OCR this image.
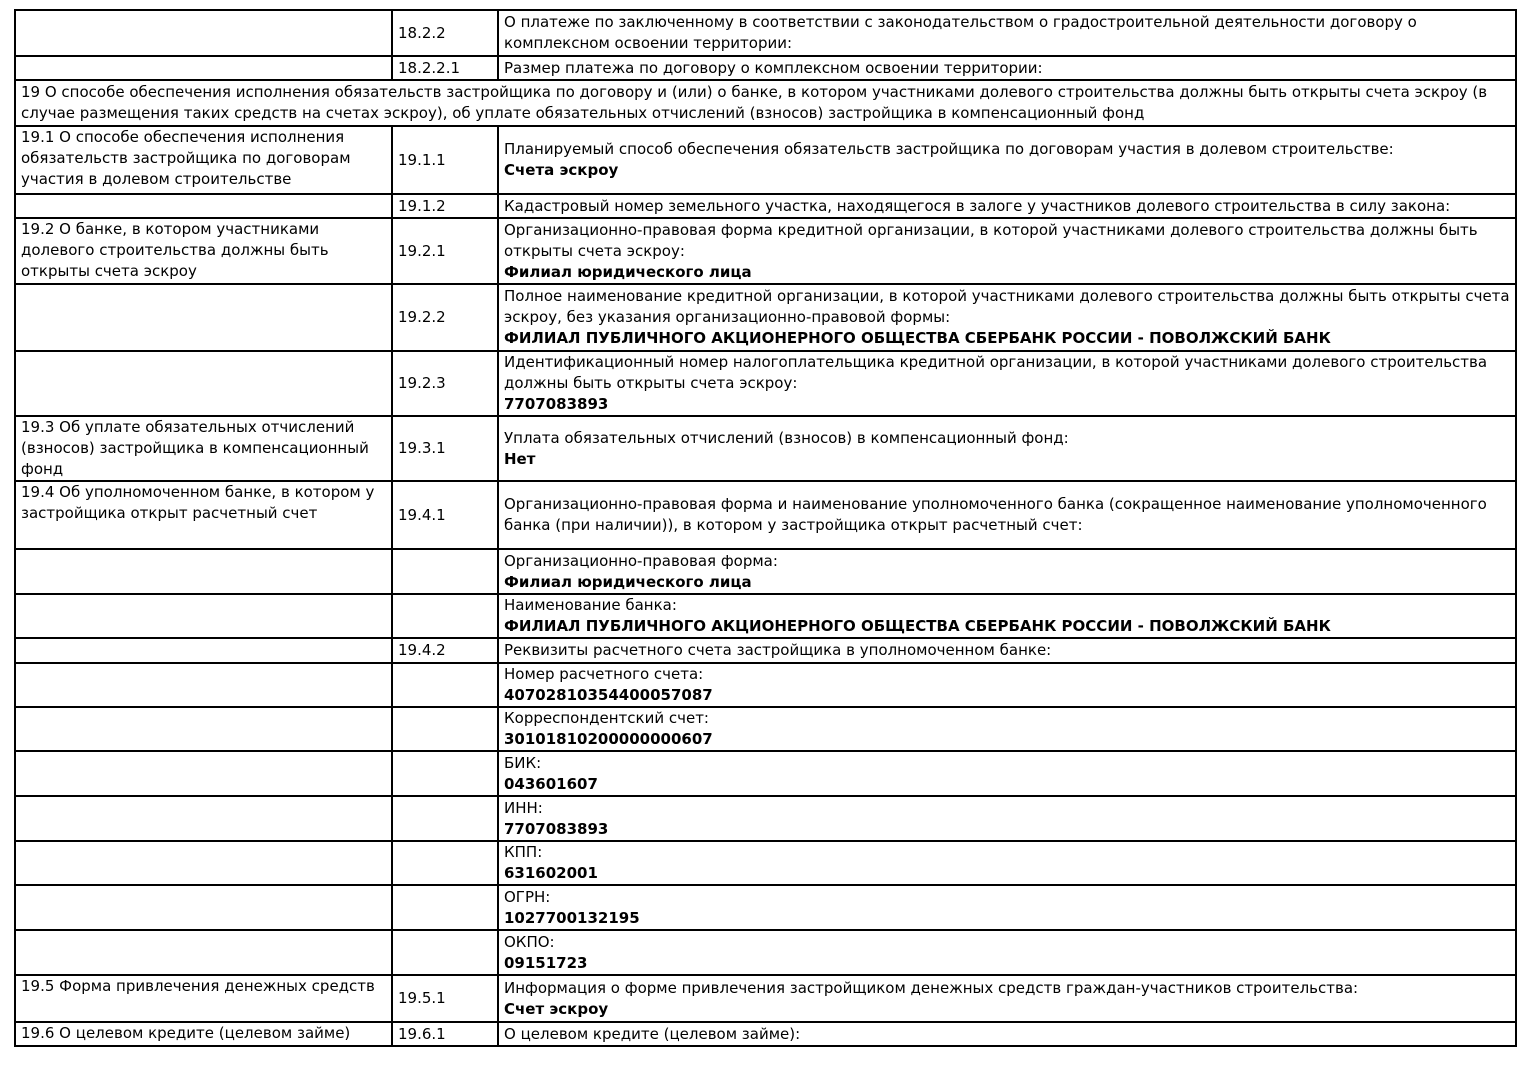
	18.2.2	О платеже по заключенному в соответствии с законодательством о градостроительной деятельности договору о комплексном освоении территории:

	18.2.2.1	Размер платежа по договору о комплексном освоении территории:

19 О способе обеспечения исполнения обязательств застройщика по договору и (или) о банке, в котором участниками долевого строительства должны быть открыты счета эскроу (в случае размещения таких средств на счетах эскроу), об уплате обязательных отчислений (взносов) застройщика в компенсационный фонд		
19.1 О способе обеспечения исполнения обязательств застройщика по договорам участия в долевом строительстве	19.1.1	Планируемый способ обеспечения обязательств застройщика по договорам участия в долевом строительстве:
Счета эскроу

	19.1.2	Кадастровый номер земельного участка, находящегося в залоге у участников долевого строительства в силу закона:

19.2 О банке, в котором участниками долевого строительства должны быть открыты счета эскроу	19.2.1	Организационно-правовая форма кредитной организации, в которой участниками долевого строительства должны быть открыты счета эскроу:
Филиал юридического лица

	19.2.2	Полное наименование кредитной организации, в которой участниками долевого строительства должны быть открыты счета эскроу, без указания организационно-правовой формы:
ФИЛИАЛ ПУБЛИЧНОГО АКЦИОНЕРНОГО ОБЩЕСТВА СБЕРБАНК РОССИИ - ПОВОЛЖСКИЙ БАНК

	19.2.3	Идентификационный номер налогоплательщика кредитной организации, в которой участниками долевого строительства должны быть открыты счета эскроу:
7707083893

19.3 Об уплате обязательных отчислений (взносов) застройщика в компенсационный фонд	19.3.1	Уплата обязательных отчислений (взносов) в компенсационный фонд:
Нет

19.4 Об уполномоченном банке, в котором у застройщика открыт расчетный счет	19.4.1	Организационно-правовая форма и наименование уполномоченного банка (сокращенное наименование уполномоченного банка (при наличии)), в котором у застройщика открыт расчетный счет:

		Организационно-правовая форма:
Филиал юридического лица

		Наименование банка:
ФИЛИАЛ ПУБЛИЧНОГО АКЦИОНЕРНОГО ОБЩЕСТВА СБЕРБАНК РОССИИ - ПОВОЛЖСКИЙ БАНК

	19.4.2	Реквизиты расчетного счета застройщика в уполномоченном банке:

		Номер расчетного счета:
40702810354400057087

		Корреспондентский счет:
30101810200000000607

		БИК:
043601607

		ИНН:
7707083893

		КПП:
631602001

		ОГРН:
1027700132195

		ОКПО:
09151723

19.5 Форма привлечения денежных средств	19.5.1	Информация о форме привлечения застройщиком денежных средств граждан-участников строительства:
Счет эскроу

19.6 О целевом кредите (целевом займе)	19.6.1	О целевом кредите (целевом займе):
